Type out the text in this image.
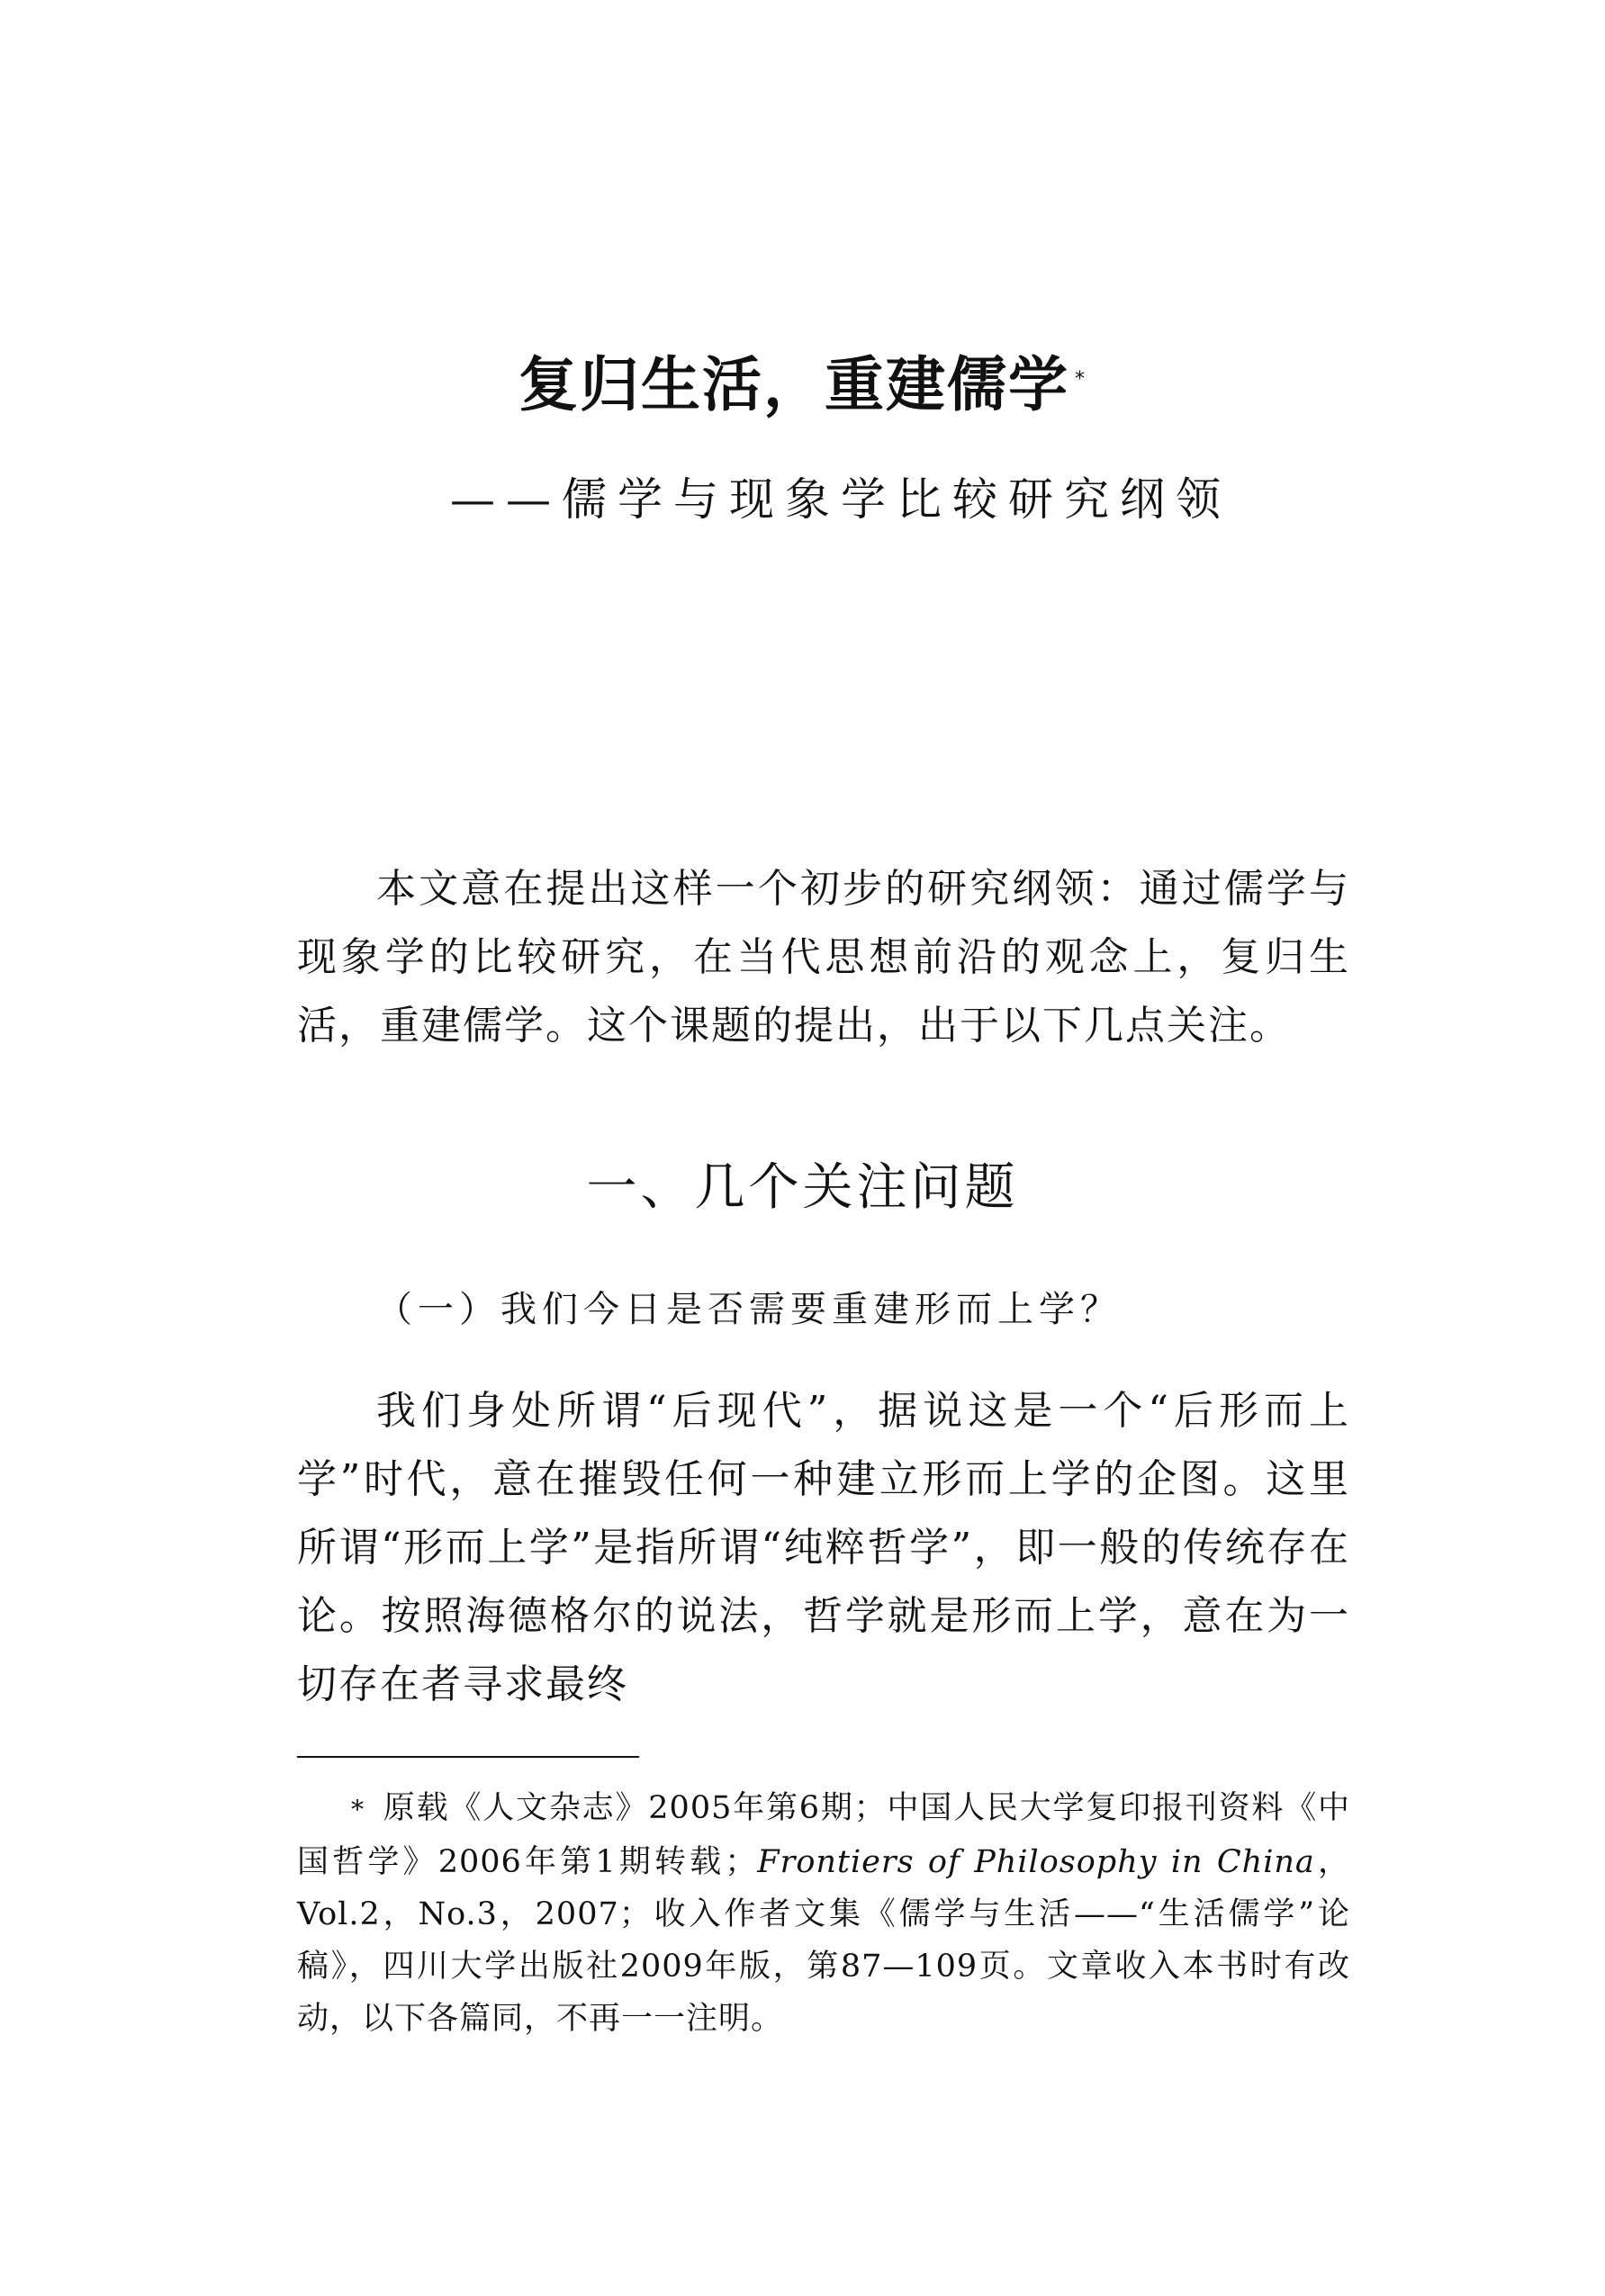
复归生活，重建儒学 *
——儒学与现象学比较研究纲领

本文意在提出这样一个初步的研究纲领：通过儒学与现象学的比较研究，在当代思想前沿的观念上，复归生活，重建儒学。这个课题的提出，出于以下几点关注。

一、几个关注问题
（一）我们今日是否需要重建形而上学？

我们身处所谓“后现代”，据说这是一个“后形而上学”时代，意在摧毁任何一种建立形而上学的企图。这里所谓“形而上学”是指所谓“纯粹哲学”，即一般的传统存在论。按照海德格尔的说法，哲学就是形而上学，意在为一切存在者寻求最终

* 原载《人文杂志》2005年第6期；中国人民大学复印报刊资料《中国哲学》2006年第1期转载；Frontiers of Philosophy in China，Vol.2，No.3，2007；收入作者文集《儒学与生活——“生活儒学”论稿》，四川大学出版社2009年版，第87—109页。文章收入本书时有改动，以下各篇同，不再一一注明。
